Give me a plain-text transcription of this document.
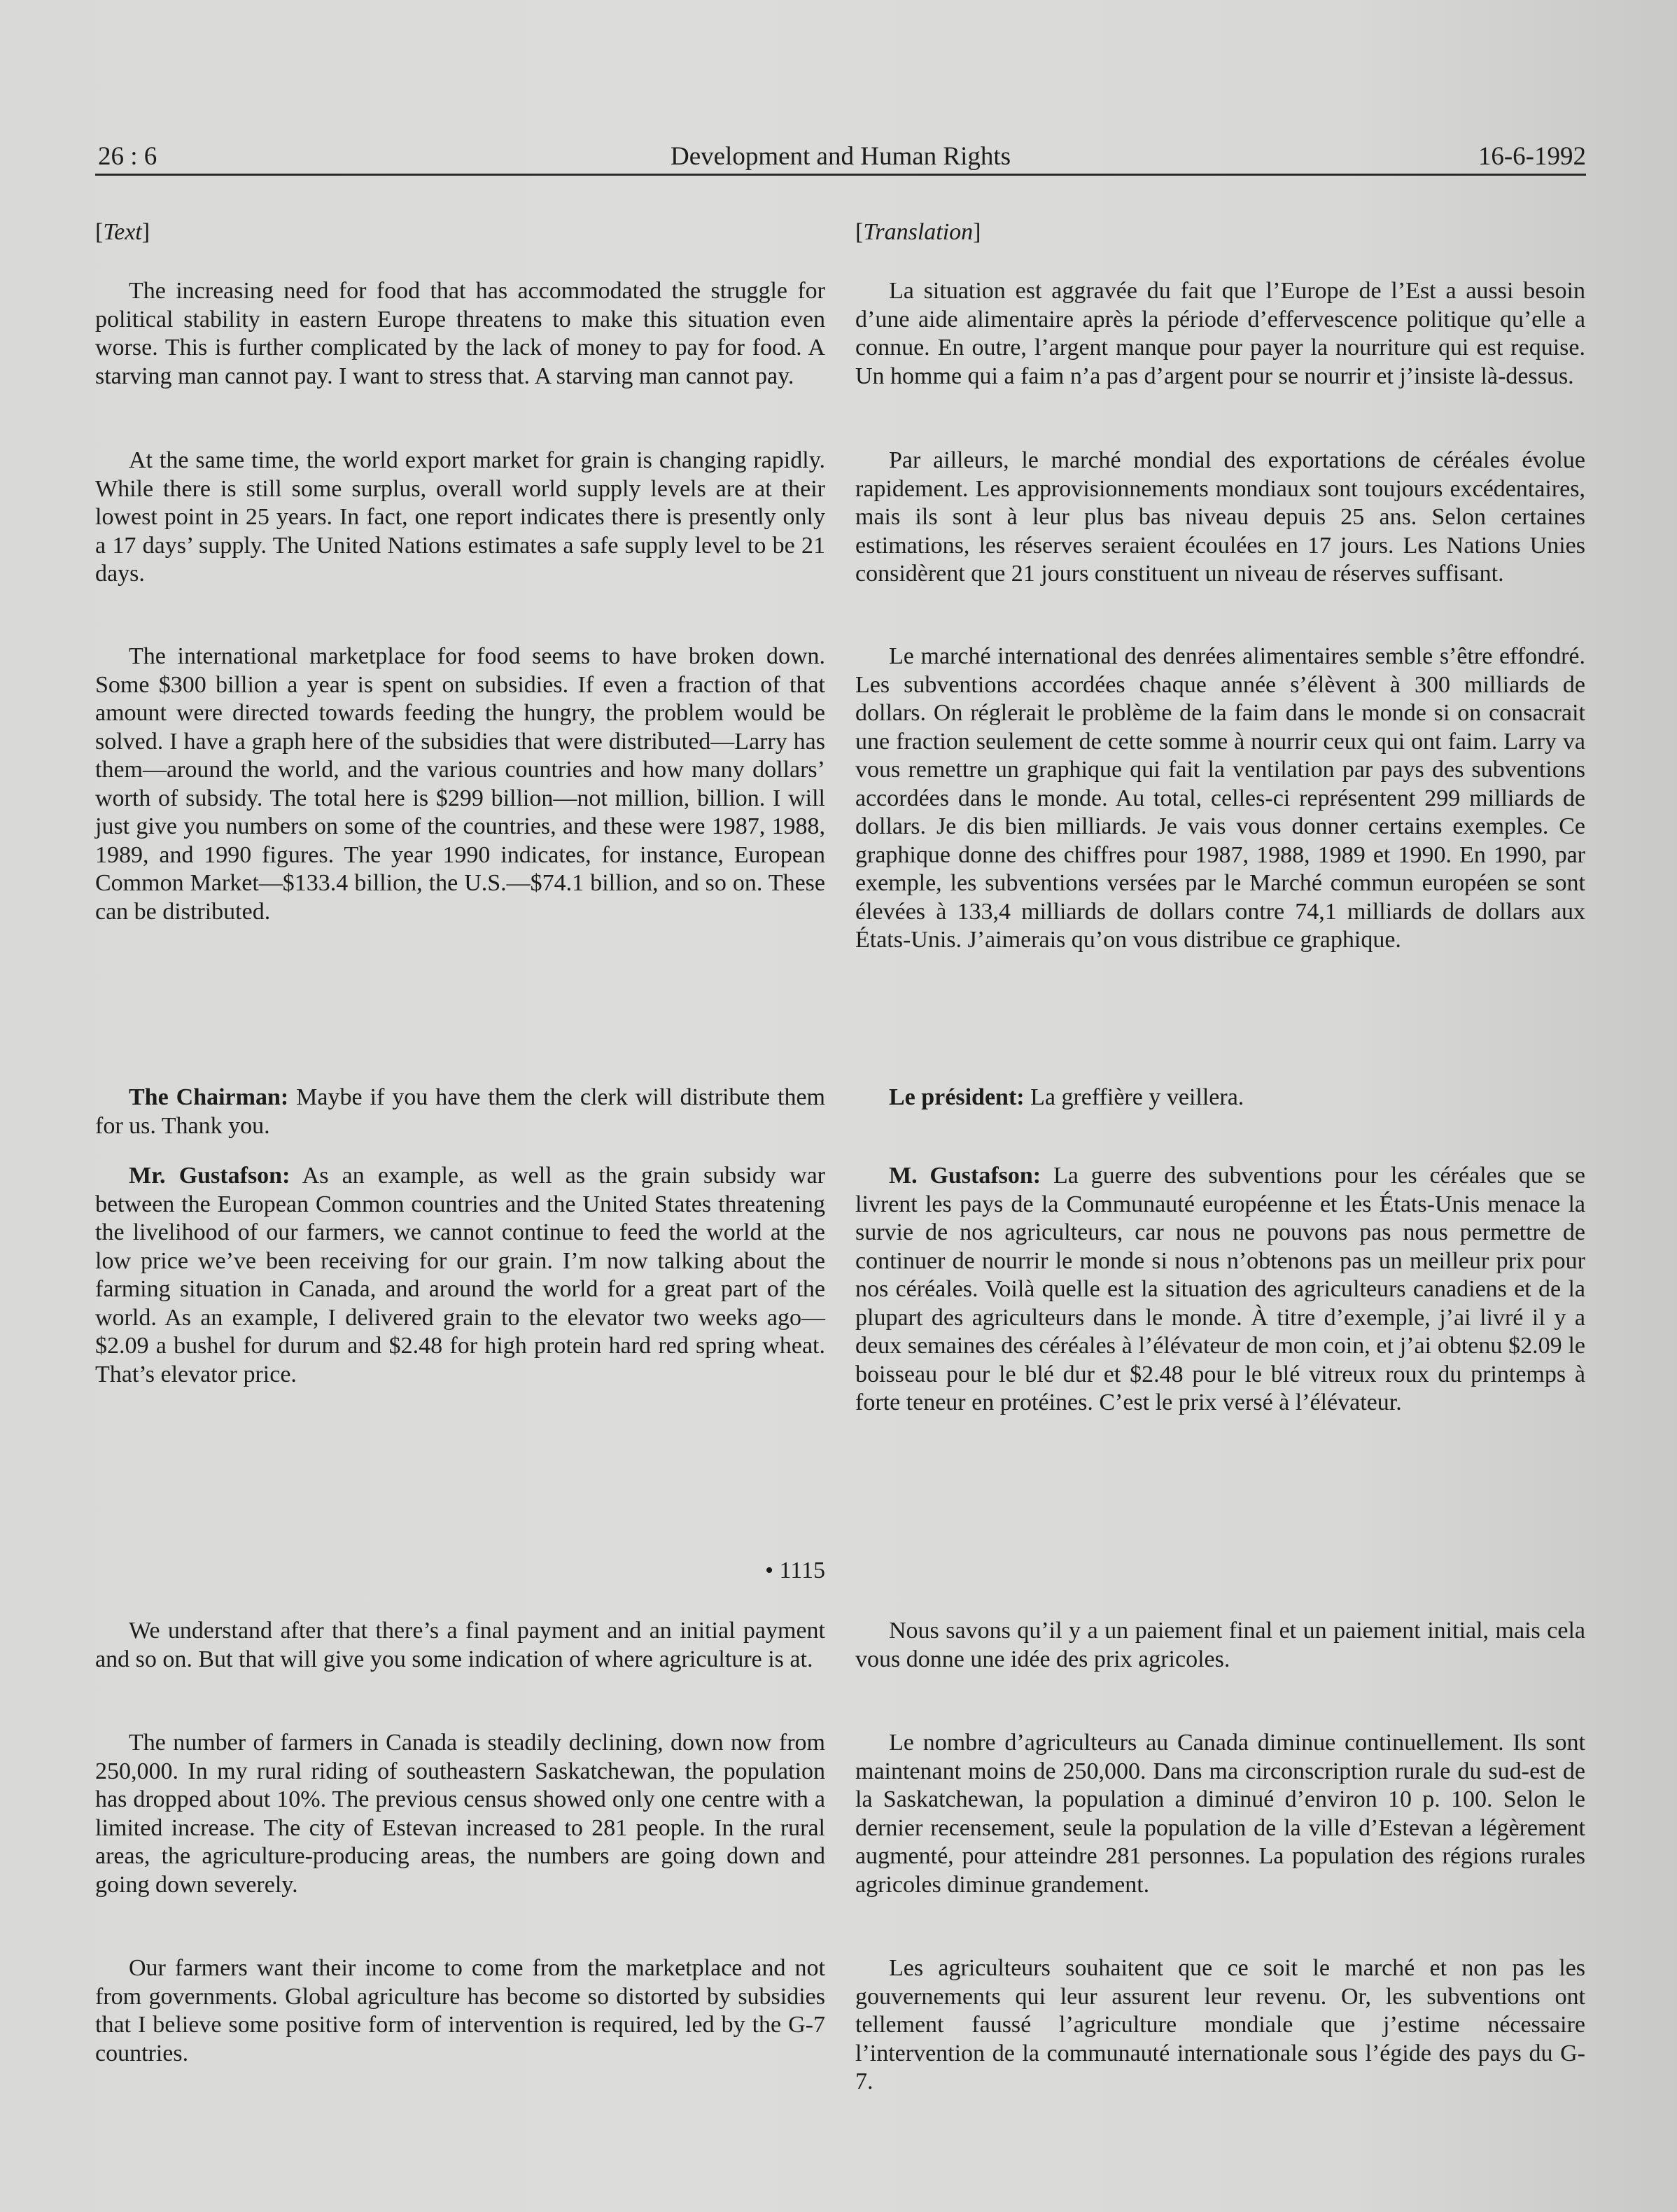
26 : 6	Development and Human Rights	16-6-1992

[Text]

The increasing need for food that has accommodated the struggle for political stability in eastern Europe threatens to make this situation even worse. This is further complicated by the lack of money to pay for food. A starving man cannot pay. I want to stress that. A starving man cannot pay.

At the same time, the world export market for grain is changing rapidly. While there is still some surplus, overall world supply levels are at their lowest point in 25 years. In fact, one report indicates there is presently only a 17 days’ supply. The United Nations estimates a safe supply level to be 21 days.

The international marketplace for food seems to have broken down. Some $300 billion a year is spent on subsidies. If even a fraction of that amount were directed towards feeding the hungry, the problem would be solved. I have a graph here of the subsidies that were distributed—Larry has them—around the world, and the various countries and how many dollars’ worth of subsidy. The total here is $299 billion—not million, billion. I will just give you numbers on some of the countries, and these were 1987, 1988, 1989, and 1990 figures. The year 1990 indicates, for instance, European Common Market—$133.4 billion, the U.S.—$74.1 billion, and so on. These can be distributed.

The Chairman: Maybe if you have them the clerk will distribute them for us. Thank you.

Mr. Gustafson: As an example, as well as the grain subsidy war between the European Common countries and the United States threatening the livelihood of our farmers, we cannot continue to feed the world at the low price we’ve been receiving for our grain. I’m now talking about the farming situation in Canada, and around the world for a great part of the world. As an example, I delivered grain to the elevator two weeks ago—$2.09 a bushel for durum and $2.48 for high protein hard red spring wheat. That’s elevator price.

• 1115

We understand after that there’s a final payment and an initial payment and so on. But that will give you some indication of where agriculture is at.

The number of farmers in Canada is steadily declining, down now from 250,000. In my rural riding of southeastern Saskatchewan, the population has dropped about 10%. The previous census showed only one centre with a limited increase. The city of Estevan increased to 281 people. In the rural areas, the agriculture-producing areas, the numbers are going down and going down severely.

Our farmers want their income to come from the marketplace and not from governments. Global agriculture has become so distorted by subsidies that I believe some positive form of intervention is required, led by the G-7 countries.

[Translation]

La situation est aggravée du fait que l’Europe de l’Est a aussi besoin d’une aide alimentaire après la période d’effervescence politique qu’elle a connue. En outre, l’argent manque pour payer la nourriture qui est requise. Un homme qui a faim n’a pas d’argent pour se nourrir et j’insiste là-dessus.

Par ailleurs, le marché mondial des exportations de céréales évolue rapidement. Les approvisionnements mondiaux sont toujours excédentaires, mais ils sont à leur plus bas niveau depuis 25 ans. Selon certaines estimations, les réserves seraient écoulées en 17 jours. Les Nations Unies considèrent que 21 jours constituent un niveau de réserves suffisant.

Le marché international des denrées alimentaires semble s’être effondré. Les subventions accordées chaque année s’élèvent à 300 milliards de dollars. On réglerait le problème de la faim dans le monde si on consacrait une fraction seulement de cette somme à nourrir ceux qui ont faim. Larry va vous remettre un graphique qui fait la ventilation par pays des subventions accordées dans le monde. Au total, celles-ci représentent 299 milliards de dollars. Je dis bien milliards. Je vais vous donner certains exemples. Ce graphique donne des chiffres pour 1987, 1988, 1989 et 1990. En 1990, par exemple, les subventions versées par le Marché commun européen se sont élevées à 133,4 milliards de dollars contre 74,1 milliards de dollars aux États-Unis. J’aimerais qu’on vous distribue ce graphique.

Le président: La greffière y veillera.

M. Gustafson: La guerre des subventions pour les céréales que se livrent les pays de la Communauté européenne et les États-Unis menace la survie de nos agriculteurs, car nous ne pouvons pas nous permettre de continuer de nourrir le monde si nous n’obtenons pas un meilleur prix pour nos céréales. Voilà quelle est la situation des agriculteurs canadiens et de la plupart des agriculteurs dans le monde. À titre d’exemple, j’ai livré il y a deux semaines des céréales à l’élévateur de mon coin, et j’ai obtenu $2.09 le boisseau pour le blé dur et $2.48 pour le blé vitreux roux du printemps à forte teneur en protéines. C’est le prix versé à l’élévateur.

Nous savons qu’il y a un paiement final et un paiement initial, mais cela vous donne une idée des prix agricoles.

Le nombre d’agriculteurs au Canada diminue continuellement. Ils sont maintenant moins de 250,000. Dans ma circonscription rurale du sud-est de la Saskatchewan, la population a diminué d’environ 10 p. 100. Selon le dernier recensement, seule la population de la ville d’Estevan a légèrement augmenté, pour atteindre 281 personnes. La population des régions rurales agricoles diminue grandement.

Les agriculteurs souhaitent que ce soit le marché et non pas les gouvernements qui leur assurent leur revenu. Or, les subventions ont tellement faussé l’agriculture mondiale que j’estime nécessaire l’intervention de la communauté internationale sous l’égide des pays du G-7.
